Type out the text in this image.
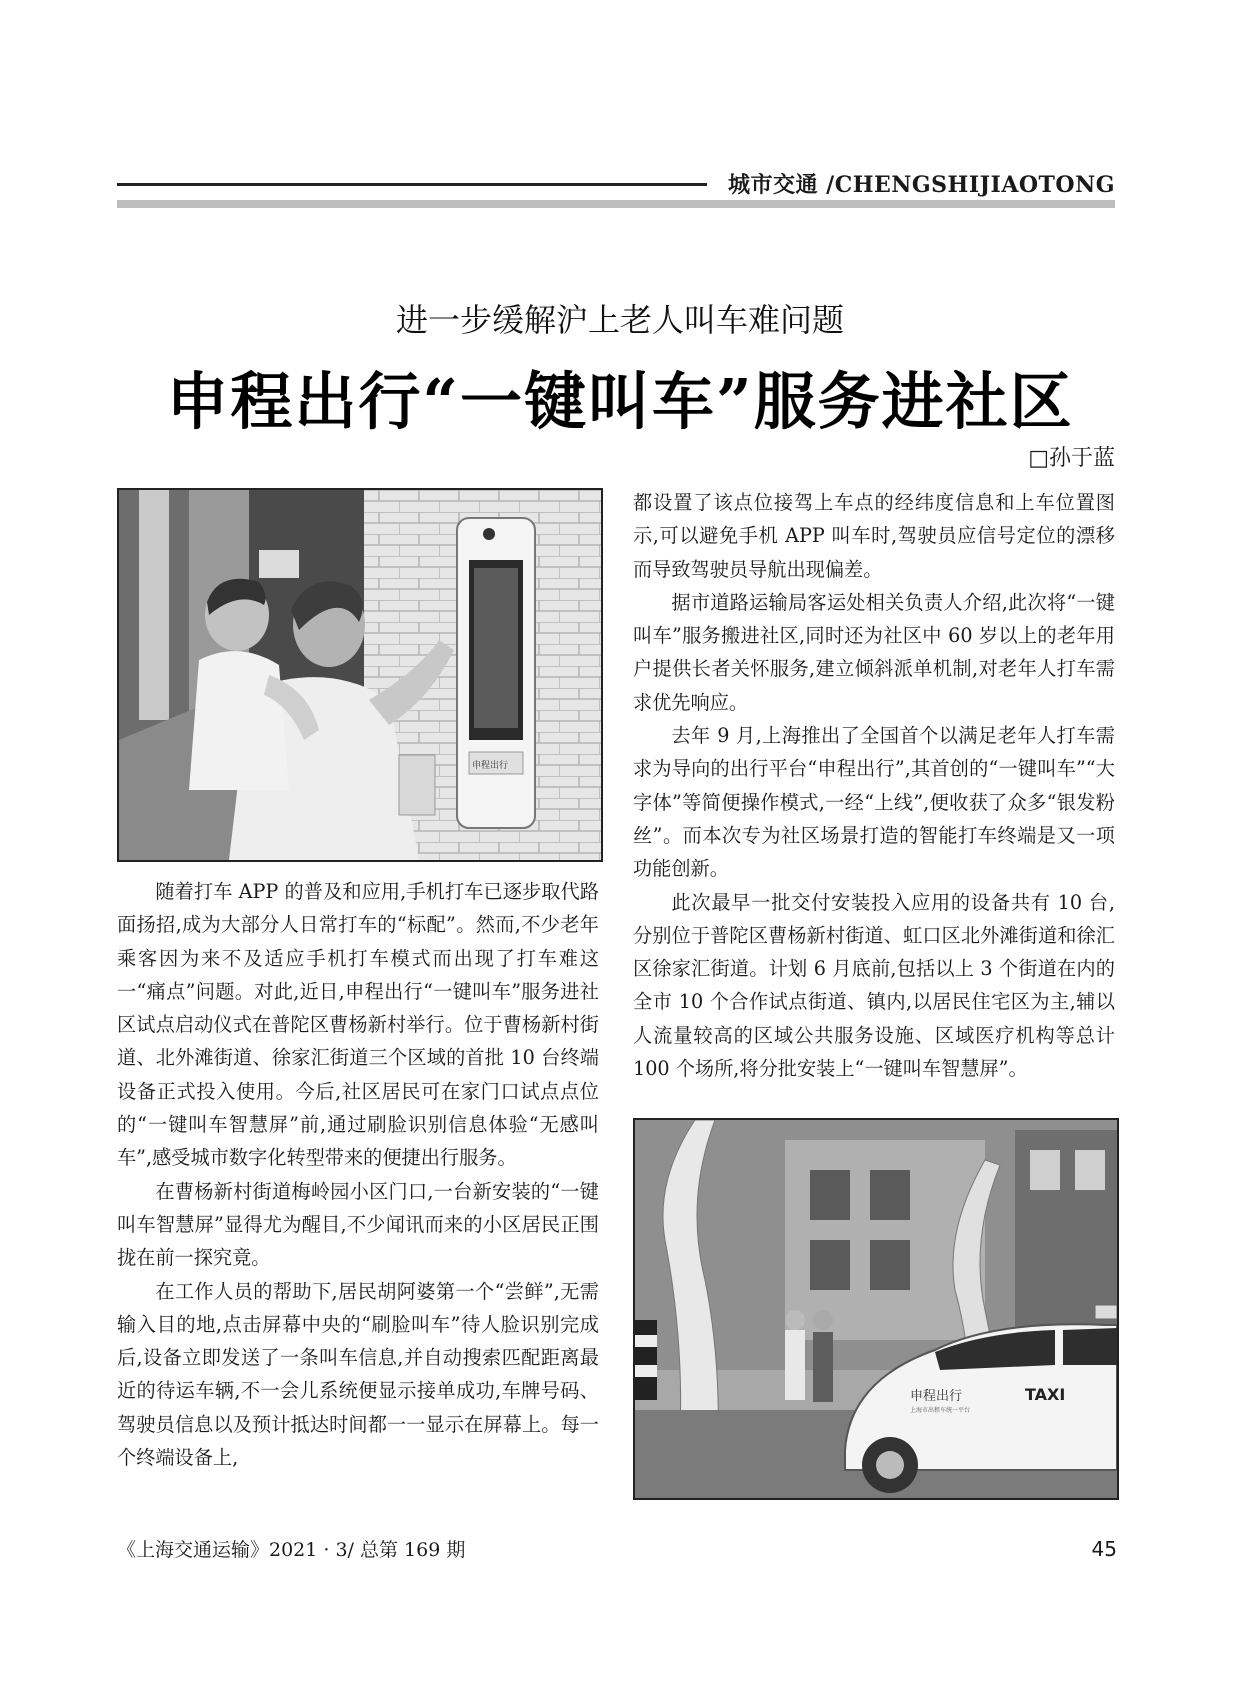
城市交通 /CHENGSHIJIAOTONG
进一步缓解沪上老人叫车难问题
申程出行“一键叫车”服务进社区
□孙于蓝
申程出行

随着打车 APP 的普及和应用,手机打车已逐步取代路面扬招,成为大部分人日常打车的“标配”。然而,不少老年乘客因为来不及适应手机打车模式而出现了打车难这一“痛点”问题。对此,近日,申程出行“一键叫车”服务进社区试点启动仪式在普陀区曹杨新村举行。位于曹杨新村街道、北外滩街道、徐家汇街道三个区域的首批 10 台终端设备正式投入使用。今后,社区居民可在家门口试点点位的“一键叫车智慧屏”前,通过刷脸识别信息体验“无感叫车”,感受城市数字化转型带来的便捷出行服务。

在曹杨新村街道梅岭园小区门口,一台新安装的“一键叫车智慧屏”显得尤为醒目,不少闻讯而来的小区居民正围拢在前一探究竟。

在工作人员的帮助下,居民胡阿婆第一个“尝鲜”,无需输入目的地,点击屏幕中央的“刷脸叫车”待人脸识别完成后,设备立即发送了一条叫车信息,并自动搜索匹配距离最近的待运车辆,不一会儿系统便显示接单成功,车牌号码、驾驶员信息以及预计抵达时间都一一显示在屏幕上。每一个终端设备上,

都设置了该点位接驾上车点的经纬度信息和上车位置图示,可以避免手机 APP 叫车时,驾驶员应信号定位的漂移而导致驾驶员导航出现偏差。

据市道路运输局客运处相关负责人介绍,此次将“一键叫车”服务搬进社区,同时还为社区中 60 岁以上的老年用户提供长者关怀服务,建立倾斜派单机制,对老年人打车需求优先响应。

去年 9 月,上海推出了全国首个以满足老年人打车需求为导向的出行平台“申程出行”,其首创的“一键叫车”“大字体”等简便操作模式,一经“上线”,便收获了众多“银发粉丝”。而本次专为社区场景打造的智能打车终端是又一项功能创新。

此次最早一批交付安装投入应用的设备共有 10 台,分别位于普陀区曹杨新村街道、虹口区北外滩街道和徐汇区徐家汇街道。计划 6 月底前,包括以上 3 个街道在内的全市 10 个合作试点街道、镇内,以居民住宅区为主,辅以人流量较高的区域公共服务设施、区域医疗机构等总计 100 个场所,将分批安装上“一键叫车智慧屏”。

申程出行
上海市出租车统一平台
TAXI
《上海交通运输》2021 · 3/ 总第 169 期	45
